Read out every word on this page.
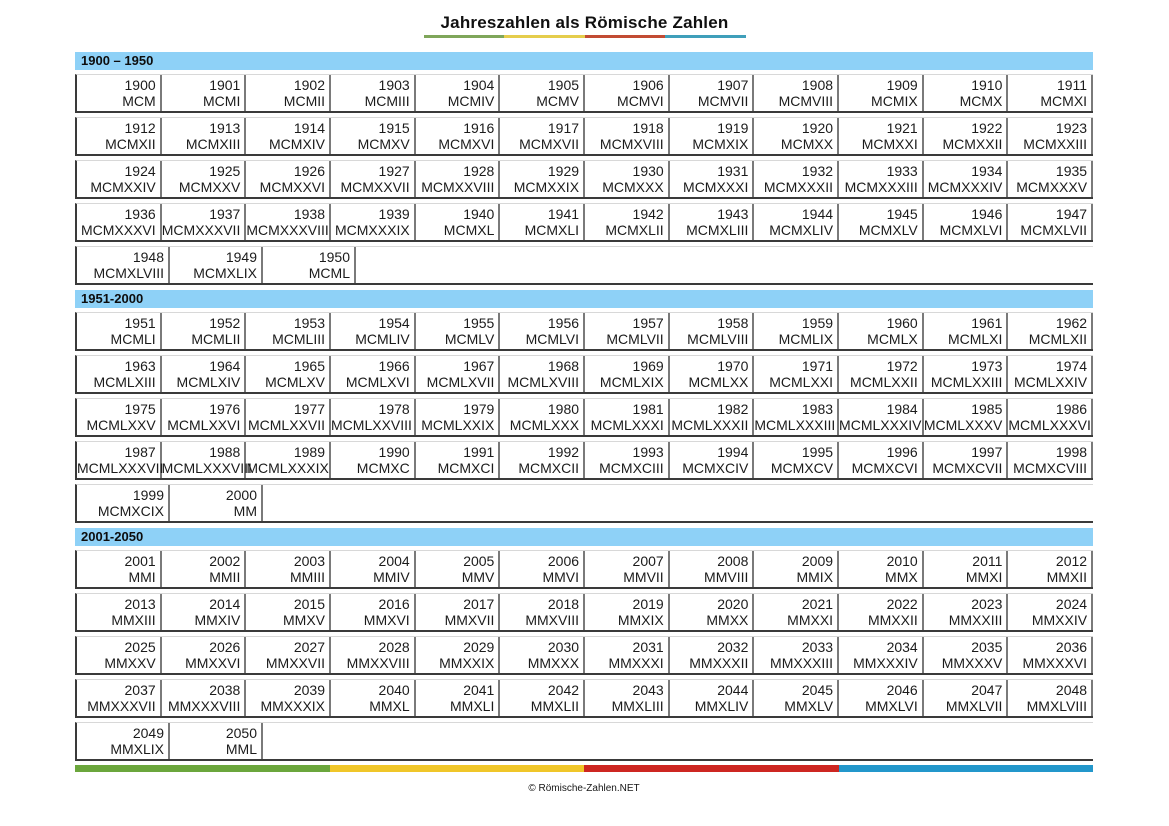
Jahreszahlen als Römische Zahlen
1900 – 1950
1900
MCM
1901
MCMI
1902
MCMII
1903
MCMIII
1904
MCMIV
1905
MCMV
1906
MCMVI
1907
MCMVII
1908
MCMVIII
1909
MCMIX
1910
MCMX
1911
MCMXI
1912
MCMXII
1913
MCMXIII
1914
MCMXIV
1915
MCMXV
1916
MCMXVI
1917
MCMXVII
1918
MCMXVIII
1919
MCMXIX
1920
MCMXX
1921
MCMXXI
1922
MCMXXII
1923
MCMXXIII
1924
MCMXXIV
1925
MCMXXV
1926
MCMXXVI
1927
MCMXXVII
1928
MCMXXVIII
1929
MCMXXIX
1930
MCMXXX
1931
MCMXXXI
1932
MCMXXXII
1933
MCMXXXIII
1934
MCMXXXIV
1935
MCMXXXV
1936
MCMXXXVI
1937
MCMXXXVII
1938
MCMXXXVIII
1939
MCMXXXIX
1940
MCMXL
1941
MCMXLI
1942
MCMXLII
1943
MCMXLIII
1944
MCMXLIV
1945
MCMXLV
1946
MCMXLVI
1947
MCMXLVII
1948
MCMXLVIII
1949
MCMXLIX
1950
MCML
1951-2000
1951
MCMLI
1952
MCMLII
1953
MCMLIII
1954
MCMLIV
1955
MCMLV
1956
MCMLVI
1957
MCMLVII
1958
MCMLVIII
1959
MCMLIX
1960
MCMLX
1961
MCMLXI
1962
MCMLXII
1963
MCMLXIII
1964
MCMLXIV
1965
MCMLXV
1966
MCMLXVI
1967
MCMLXVII
1968
MCMLXVIII
1969
MCMLXIX
1970
MCMLXX
1971
MCMLXXI
1972
MCMLXXII
1973
MCMLXXIII
1974
MCMLXXIV
1975
MCMLXXV
1976
MCMLXXVI
1977
MCMLXXVII
1978
MCMLXXVIII
1979
MCMLXXIX
1980
MCMLXXX
1981
MCMLXXXI
1982
MCMLXXXII
1983
MCMLXXXIII
1984
MCMLXXXIV
1985
MCMLXXXV
1986
MCMLXXXVI
1987
MCMLXXXVII
1988
MCMLXXXVIII
1989
MCMLXXXIX
1990
MCMXC
1991
MCMXCI
1992
MCMXCII
1993
MCMXCIII
1994
MCMXCIV
1995
MCMXCV
1996
MCMXCVI
1997
MCMXCVII
1998
MCMXCVIII
1999
MCMXCIX
2000
MM
2001-2050
2001
MMI
2002
MMII
2003
MMIII
2004
MMIV
2005
MMV
2006
MMVI
2007
MMVII
2008
MMVIII
2009
MMIX
2010
MMX
2011
MMXI
2012
MMXII
2013
MMXIII
2014
MMXIV
2015
MMXV
2016
MMXVI
2017
MMXVII
2018
MMXVIII
2019
MMXIX
2020
MMXX
2021
MMXXI
2022
MMXXII
2023
MMXXIII
2024
MMXXIV
2025
MMXXV
2026
MMXXVI
2027
MMXXVII
2028
MMXXVIII
2029
MMXXIX
2030
MMXXX
2031
MMXXXI
2032
MMXXXII
2033
MMXXXIII
2034
MMXXXIV
2035
MMXXXV
2036
MMXXXVI
2037
MMXXXVII
2038
MMXXXVIII
2039
MMXXXIX
2040
MMXL
2041
MMXLI
2042
MMXLII
2043
MMXLIII
2044
MMXLIV
2045
MMXLV
2046
MMXLVI
2047
MMXLVII
2048
MMXLVIII
2049
MMXLIX
2050
MML
© Römische-Zahlen.NET
